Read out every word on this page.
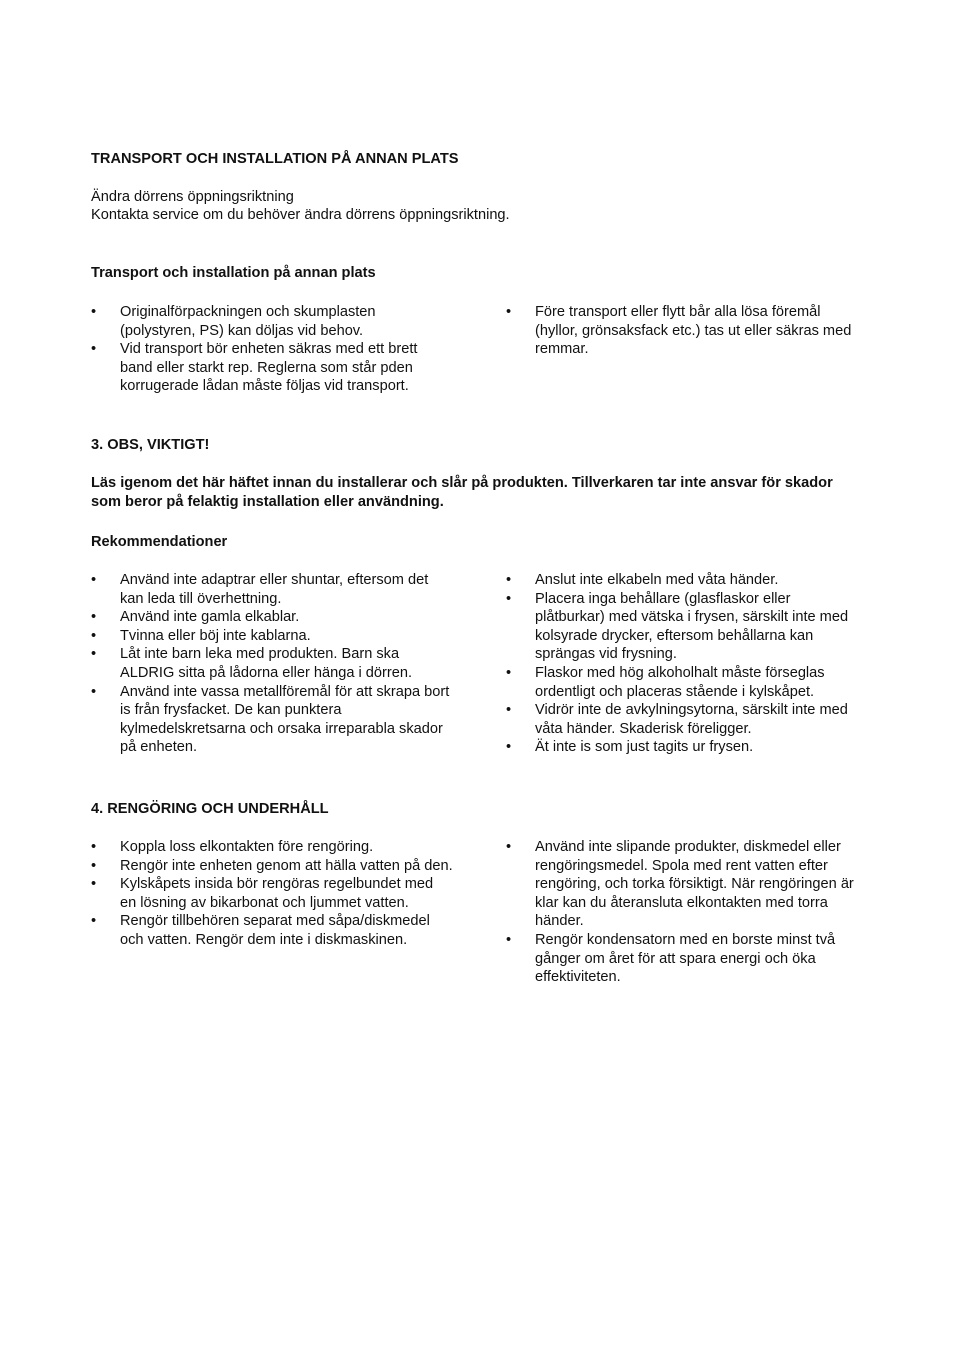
TRANSPORT OCH INSTALLATION PÅ ANNAN PLATS
Ändra dörrens öppningsriktning
Kontakta service om du behöver ändra dörrens öppningsriktning.
Transport och installation på annan plats
•	Originalförpackningen och skumplasten (polystyren, PS) kan döljas vid behov.
•	Vid transport bör enheten säkras med ett brett band eller starkt rep. Reglerna som står pden korrugerade lådan måste följas vid transport.
•	Före transport eller flytt bår alla lösa föremål (hyllor, grönsaksfack etc.) tas ut eller säkras med remmar.
3. OBS, VIKTIGT!
Läs igenom det här häftet innan du installerar och slår på produkten. Tillverkaren tar inte ansvar för skador som beror på felaktig installation eller användning.
Rekommendationer
•	Använd inte adaptrar eller shuntar, eftersom det kan leda till överhettning.
•	Använd inte gamla elkablar.
•	Tvinna eller böj inte kablarna.
•	Låt inte barn leka med produkten. Barn ska ALDRIG sitta på lådorna eller hänga i dörren.
•	Använd inte vassa metallföremål för att skrapa bort is från frysfacket. De kan punktera kylmedelskretsarna och orsaka irreparabla skador på enheten.
•	Anslut inte elkabeln med våta händer.
•	Placera inga behållare (glasflaskor eller plåtburkar) med vätska i frysen, särskilt inte med kolsyrade drycker, eftersom behållarna kan sprängas vid frysning.
•	Flaskor med hög alkoholhalt måste förseglas ordentligt och placeras stående i kylskåpet.
•	Vidrör inte de avkylningsytorna, särskilt inte med våta händer. Skaderisk föreligger.
•	Ät inte is som just tagits ur frysen.
4. RENGÖRING OCH UNDERHÅLL
•	Koppla loss elkontakten före rengöring.
•	Rengör inte enheten genom att hälla vatten på den.
•	Kylskåpets insida bör rengöras regelbundet med en lösning av bikarbonat och ljummet vatten.
•	Rengör tillbehören separat med såpa/diskmedel och vatten. Rengör dem inte i diskmaskinen.
•	Använd inte slipande produkter, diskmedel eller rengöringsmedel. Spola med rent vatten efter rengöring, och torka försiktigt. När rengöringen är klar kan du återansluta elkontakten med torra händer.
•	Rengör kondensatorn med en borste minst två gånger om året för att spara energi och öka effektiviteten.
